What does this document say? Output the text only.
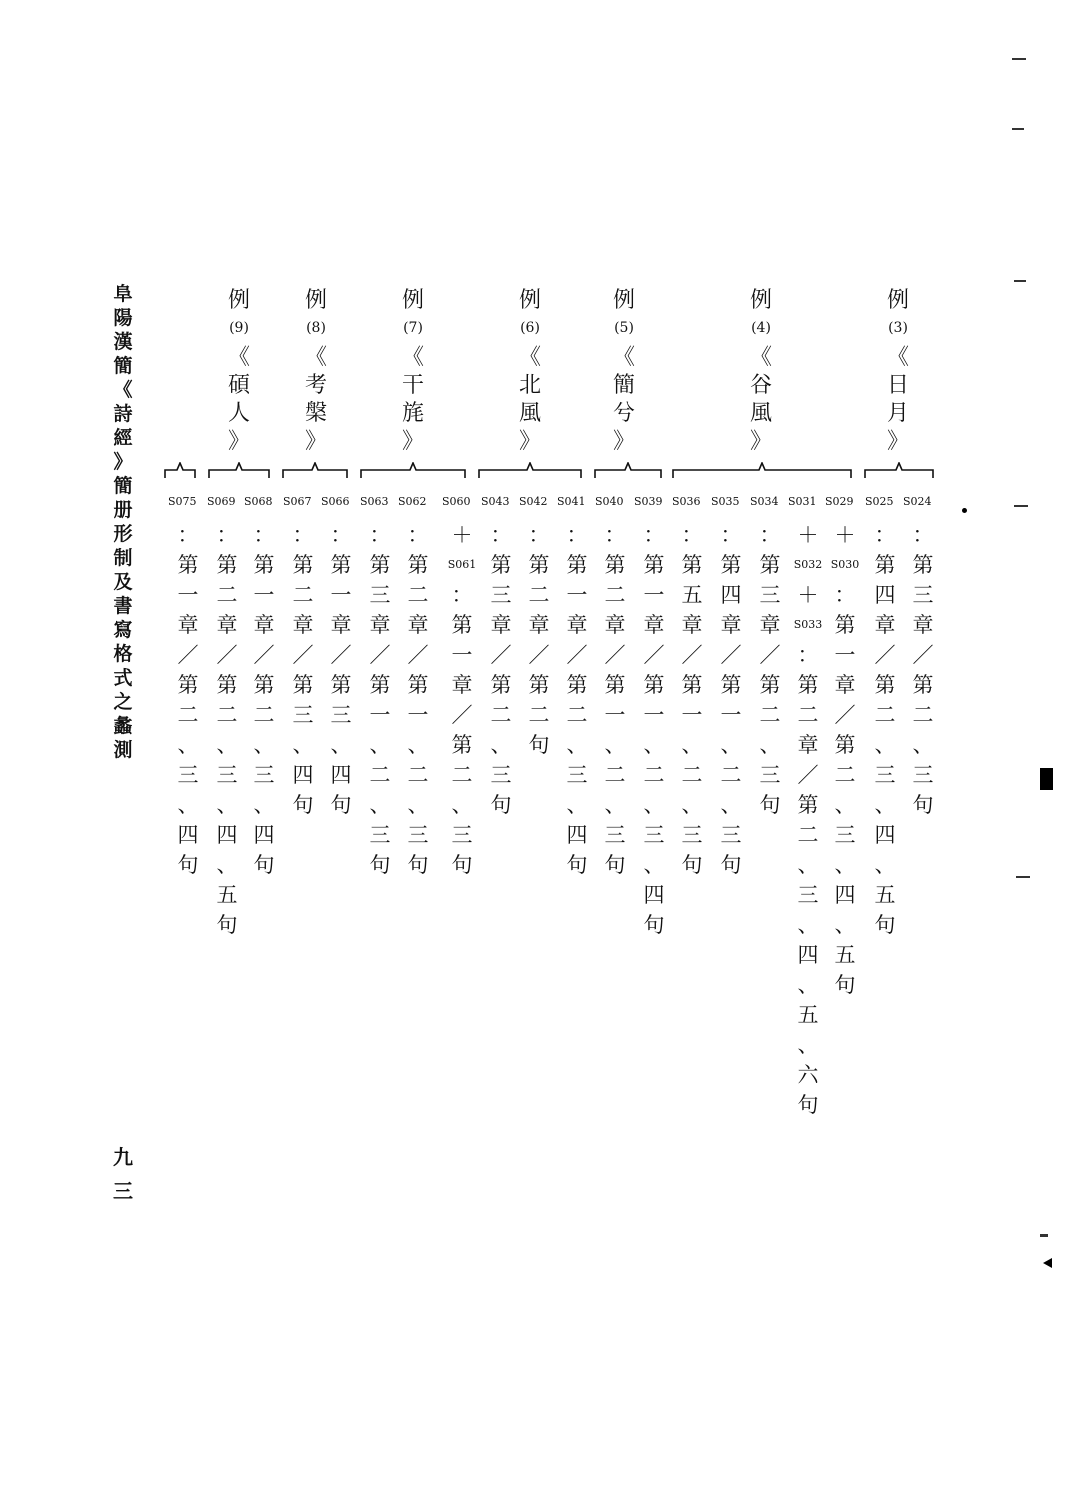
阜
陽
漢
簡
《
詩
經
》
簡
册
形
制
及
書
寫
格
式
之
蠡
測
九
三
例
(3)
《
日
月
》
例
(4)
《
谷
風
》
例
(5)
《
簡
兮
》
例
(6)
《
北
風
》
例
(7)
《
干
旄
》
例
(8)
《
考
槃
》
例
(9)
《
碩
人
》
S024
：
第
三
章
／
第
二
、
三
句
S025
：
第
四
章
／
第
二
、
三
、
四
、
五
句
S029
＋
S030
：
第
一
章
／
第
二
、
三
、
四
、
五
句
S031
＋
S032
＋
S033
：
第
二
章
／
第
二
、
三
、
四
、
五
、
六
句
S034
：
第
三
章
／
第
二
、
三
句
S035
：
第
四
章
／
第
一
、
二
、
三
句
S036
：
第
五
章
／
第
一
、
二
、
三
句
S039
：
第
一
章
／
第
一
、
二
、
三
、
四
句
S040
：
第
二
章
／
第
一
、
二
、
三
句
S041
：
第
一
章
／
第
二
、
三
、
四
句
S042
：
第
二
章
／
第
二
句
S043
：
第
三
章
／
第
二
、
三
句
S060
＋
S061
：
第
一
章
／
第
二
、
三
句
S062
：
第
二
章
／
第
一
、
二
、
三
句
S063
：
第
三
章
／
第
一
、
二
、
三
句
S066
：
第
一
章
／
第
三
、
四
句
S067
：
第
二
章
／
第
三
、
四
句
S068
：
第
一
章
／
第
二
、
三
、
四
句
S069
：
第
二
章
／
第
二
、
三
、
四
、
五
句
S075
：
第
一
章
／
第
二
、
三
、
四
句
